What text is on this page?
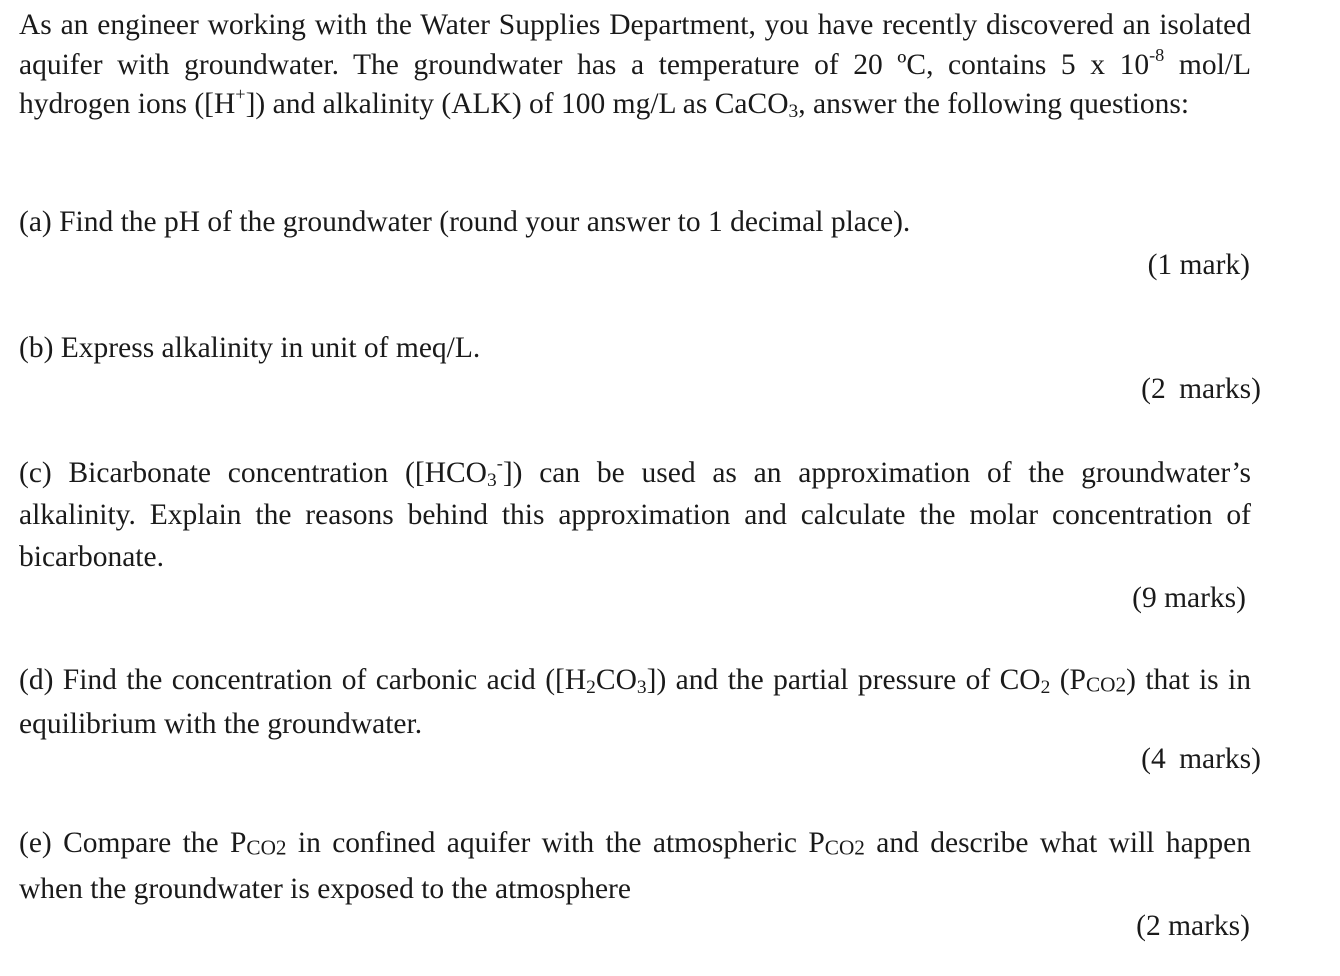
As an engineer working with the Water Supplies Department, you have recently discovered an isolated aquifer with groundwater. The groundwater has a temperature of 20 ºC, contains 5 x $10^{-8}$ mol/L hydrogen ions ([H+]) and alkalinity (ALK) of 100 mg/L as CaCO$_3$, answer the following questions:

(a) Find the pH of the groundwater (round your answer to 1 decimal place).

(1 mark)

(b) Express alkalinity in unit of meq/L.

(2 marks)

(c) Bicarbonate concentration $([HCO_3^-])$ can be used as an approximation of the groundwater’s alkalinity. Explain the reasons behind this approximation and calculate the molar concentration of bicarbonate.

(9 marks)

(d) Find the concentration of carbonic acid $([H_2CO_3])$ and the partial pressure of $CO_2$ (PCO2) that is in equilibrium with the groundwater.

(4 marks)

(e) Compare the PCO2 in confined aquifer with the atmospheric PCO2 and describe what will happen when the groundwater is exposed to the atmosphere

(2 marks)
